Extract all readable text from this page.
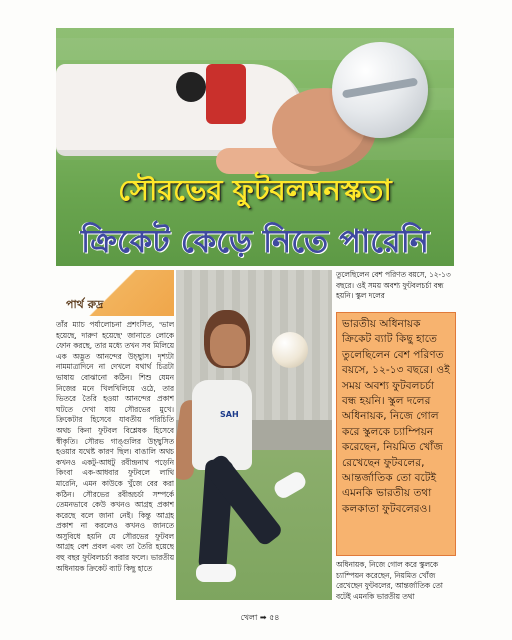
সৌরভের ফুটবলমনস্কতা
ক্রিকেট কেড়ে নিতে পারেনি
পার্থ রুদ্র
তাঁর ম্যাচ পর্যালোচনা প্রশংসিত, 'ভাল হয়েছে, দারুণ হয়েছে' জানাতে লোকে ফোন করছে, তার মধ্যে তখন সব মিলিয়ে এক অদ্ভুত আনন্দের উচ্ছ্বাস। দৃশ্যটা নামমাত্রাদিনে না দেখলে যথার্থ চিত্রটা ভাষায় বোঝানো কঠিন। শিশু যেমন নিজের মনে খিলখিলিয়ে ওঠে, তার ভিতরে তৈরি হওয়া আনন্দের প্রকাশ ঘটতে দেখা যায় সৌরভের মুখে। ক্রিকেটার হিসেবে যাবতীয় পরিচিতি অথচ কিনা ফুটবল বিশ্লেষক হিসেবে স্বীকৃতি। সৌরভ গাঙ্গুলির উচ্ছ্বসিত হওয়ার যথেষ্ট কারণ ছিল। বাঙালি অথচ কখনও একটু-আধটু রবীন্দ্রনাথ পড়েনি কিংবা এক-আধবার ফুটবলে লাথি মারেনি, এমন কাউকে খুঁজে বের করা কঠিন। সৌরভের রবীন্দ্রচর্চা সম্পর্কে তেমনভাবে কেউ কখনও আগ্রহ প্রকাশ করেছে বলে জানা নেই। কিন্তু আগ্রহ প্রকাশ না করলেও কখনও জানতে অসুবিধে হয়নি যে সৌরভের ফুটবল আগ্রহ বেশ প্রবল এবং তা তৈরি হয়েছে বহু বছর ফুটবলচর্চা করার ফলে। ভারতীয় অধিনায়ক ক্রিকেট ব্যাট কিছু হাতে
SAH
তুলেছিলেন বেশ পরিণত বয়সে, ১২-১৩ বছরে। ওই সময় অবশ্য ফুটবলচর্চা বন্ধ হয়নি। স্কুল দলের
ভারতীয় অধিনায়ক ক্রিকেট ব্যাট কিছু হাতে তুলেছিলেন বেশ পরিণত বয়সে, ১২-১৩ বছরে। ওই সময় অবশ্য ফুটবলচর্চা বন্ধ হয়নি। স্কুল দলের অধিনায়ক, নিজে গোল করে স্কুলকে চ্যাম্পিয়ন করেছেন, নিয়মিত খোঁজ রেখেছেন ফুটবলের, আন্তর্জাতিক তো বটেই এমনকি ভারতীয় তথা কলকাতা ফুটবলেরও।
অধিনায়ক, নিজে গোল করে স্কুলকে চ্যাম্পিয়ন করেছেন, নিয়মিত খোঁজ রেখেছেন ফুটবলের, আন্তর্জাতিক তো বটেই এমনকি ভারতীয় তথা
খেলা ➡ ৫৪
